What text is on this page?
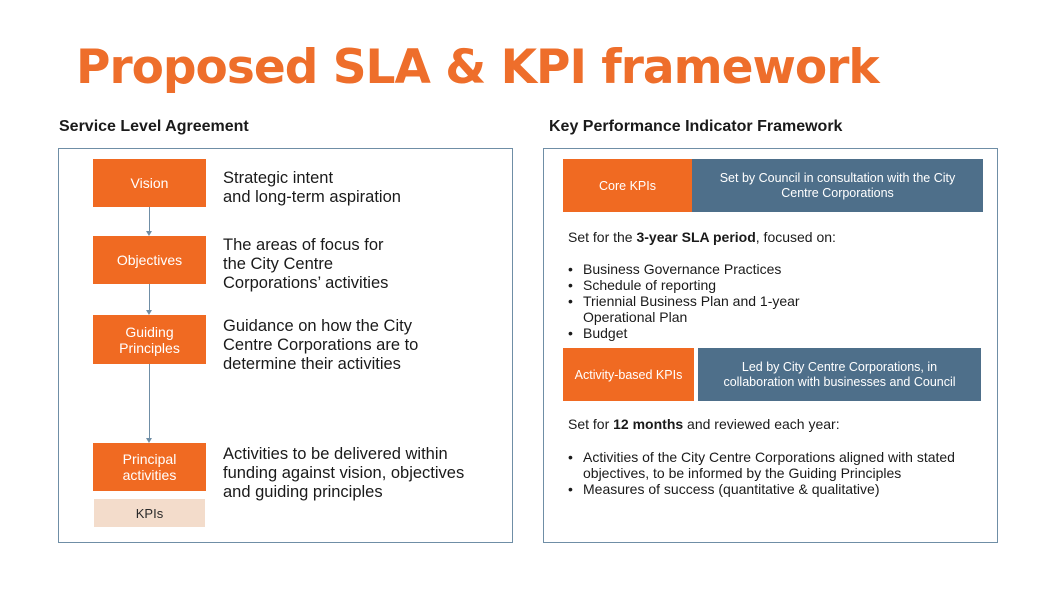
Proposed SLA & KPI framework
Service Level Agreement
Vision
Objectives
Guiding
Principles
Principal
activities
KPIs
Strategic intent
and long-term aspiration
The areas of focus for
the City Centre
Corporations’ activities
Guidance on how the City
Centre Corporations are to
determine their activities
Activities to be delivered within
funding against vision, objectives
and guiding principles
Key Performance Indicator Framework
Core KPIs
Set by Council in consultation with the City Centre Corporations
Set for the 3-year SLA period, focused on:
• Business Governance Practices
• Schedule of reporting
• Triennial Business Plan and 1-year Operational Plan
• Budget
Activity-based KPIs
Led by City Centre Corporations, in collaboration with businesses and Council
Set for 12 months and reviewed each year:
• Activities of the City Centre Corporations aligned with stated objectives, to be informed by the Guiding Principles
• Measures of success (quantitative & qualitative)
